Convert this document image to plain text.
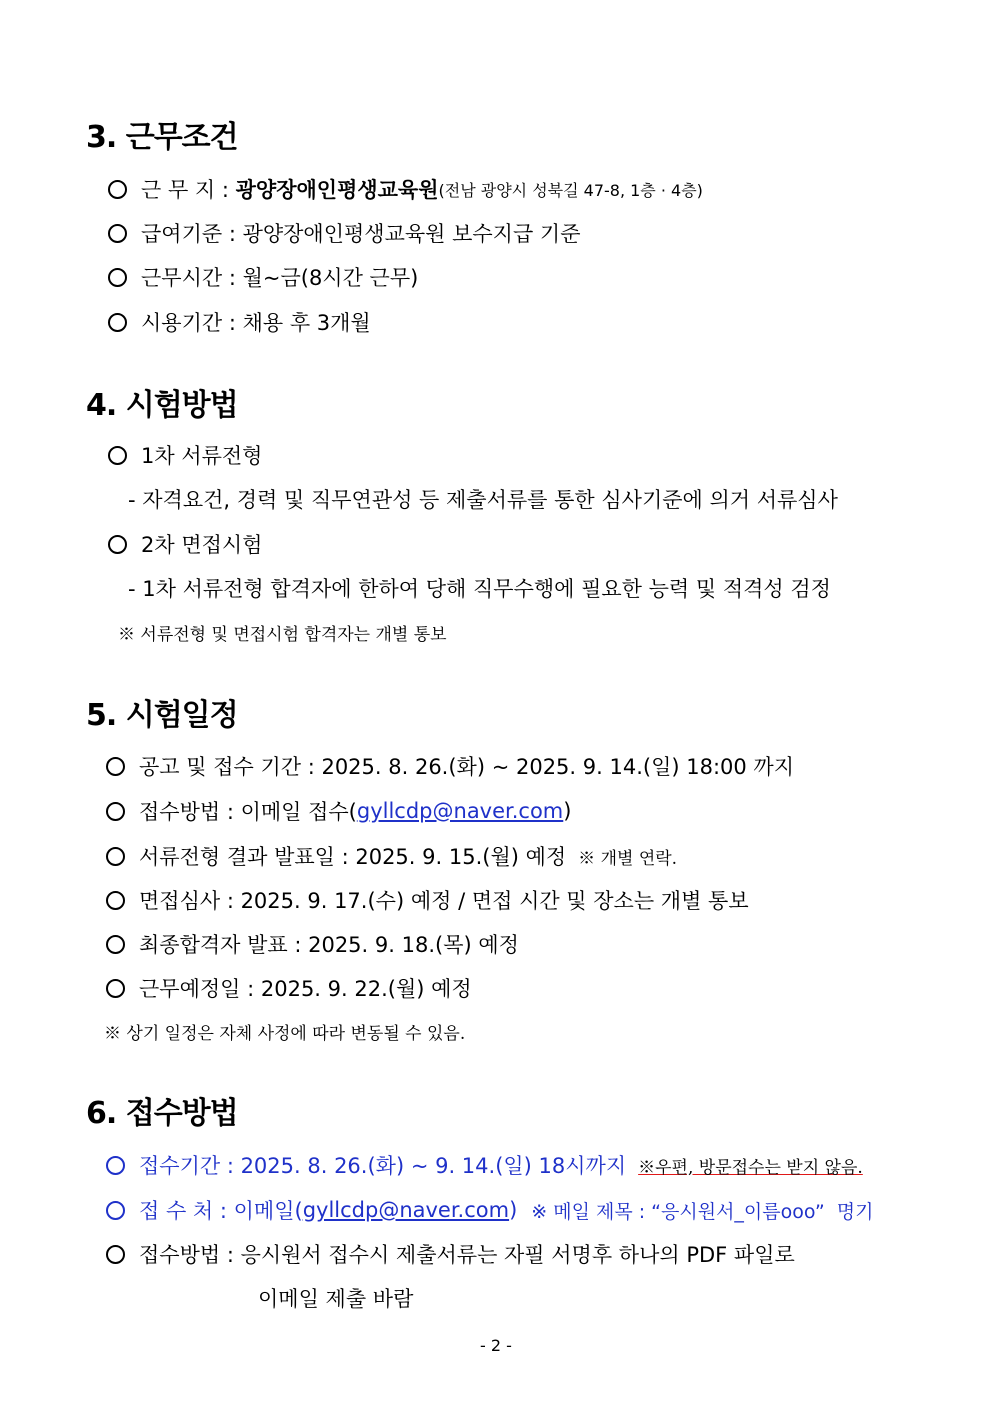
3. 근무조건
근 무 지 : 광양장애인평생교육원 (전남 광양시 성북길 47-8, 1층 · 4층)
급여기준 : 광양장애인평생교육원 보수지급 기준
근무시간 : 월~금(8시간 근무)
시용기간 : 채용 후 3개월
4. 시험방법
1차 서류전형
- 자격요건, 경력 및 직무연관성 등 제출서류를 통한 심사기준에 의거 서류심사
2차 면접시험
- 1차 서류전형 합격자에 한하여 당해 직무수행에 필요한 능력 및 적격성 검정
※ 서류전형 및 면접시험 합격자는 개별 통보
5. 시험일정
공고 및 접수 기간 : 2025. 8. 26.(화) ~ 2025. 9. 14.(일) 18:00 까지
접수방법 : 이메일 접수( gyllcdp@naver.com )
서류전형 결과 발표일 : 2025. 9. 15.(월) 예정 ※ 개별 연락.
면접심사 : 2025. 9. 17.(수) 예정 / 면접 시간 및 장소는 개별 통보
최종합격자 발표 : 2025. 9. 18.(목) 예정
근무예정일 : 2025. 9. 22.(월) 예정
※ 상기 일정은 자체 사정에 따라 변동될 수 있음.
6. 접수방법
접수기간 : 2025. 8. 26.(화) ~ 9. 14.(일) 18시까지 ※우편, 방문접수는 받지 않음.
접 수 처 : 이메일( gyllcdp@naver.com ) ※ 메일 제목 : “응시원서_이름ooo”  명기
접수방법 : 응시원서 접수시 제출서류는 자필 서명후 하나의 PDF 파일로
이메일 제출 바람
- 2 -
